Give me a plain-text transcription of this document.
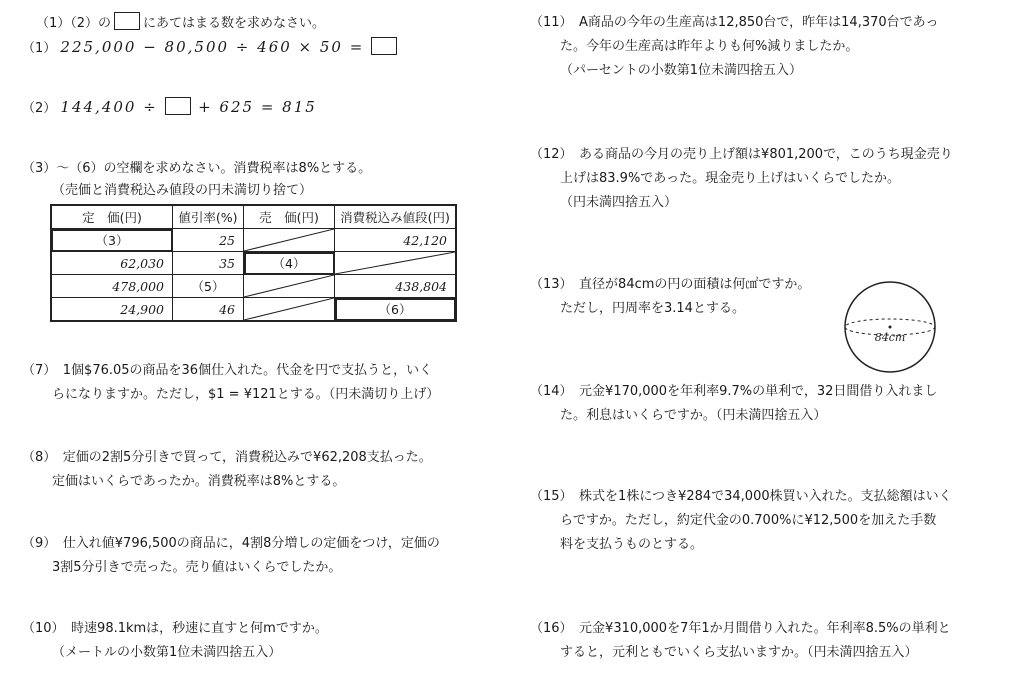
（1）（2）の にあてはまる数を求めなさい。
（1） 225,000 − 80,500 ÷ 460 × 50 =
（2） 144,400 ÷	+ 625 = 815
（3）～（6）の空欄を求めなさい。消費税率は8%とする。
（売価と消費税込み値段の円未満切り捨て）
定　価(円)	値引率(%)	売　価(円)	消費税込み値段(円)
（3）	25		42,120
62,030	35	（4）	

478,000	（5）		438,804
24,900	46		（6）
（7）　1個$76.05の商品を36個仕入れた。代金を円で支払うと，いく
らになりますか。ただし，$1 = ¥121とする。（円未満切り上げ）
（8）　定価の2割5分引きで買って，消費税込みで¥62,208支払った。
定価はいくらであったか。消費税率は8%とする。
（9）　仕入れ値¥796,500の商品に，4割8分増しの定価をつけ，定価の
3割5分引きで売った。売り値はいくらでしたか。
（10）　時速98.1kmは，秒速に直すと何mですか。
（メートルの小数第1位未満四捨五入）
（11）　A商品の今年の生産高は12,850台で，昨年は14,370台であっ
た。今年の生産高は昨年よりも何%減りましたか。
（パーセントの小数第1位未満四捨五入）
（12）　ある商品の今月の売り上げ額は¥801,200で，このうち現金売り
上げは83.9%であった。現金売り上げはいくらでしたか。
（円未満四捨五入）
（13）　直径が84cmの円の面積は何㎠ですか。
ただし，円周率を3.14とする。
84cm
（14）　元金¥170,000を年利率9.7%の単利で，32日間借り入れまし
た。利息はいくらですか。（円未満四捨五入）
（15）　株式を1株につき¥284で34,000株買い入れた。支払総額はいく
らですか。ただし，約定代金の0.700%に¥12,500を加えた手数
料を支払うものとする。
（16）　元金¥310,000を7年1か月間借り入れた。年利率8.5%の単利と
すると，元利ともでいくら支払いますか。（円未満四捨五入）
